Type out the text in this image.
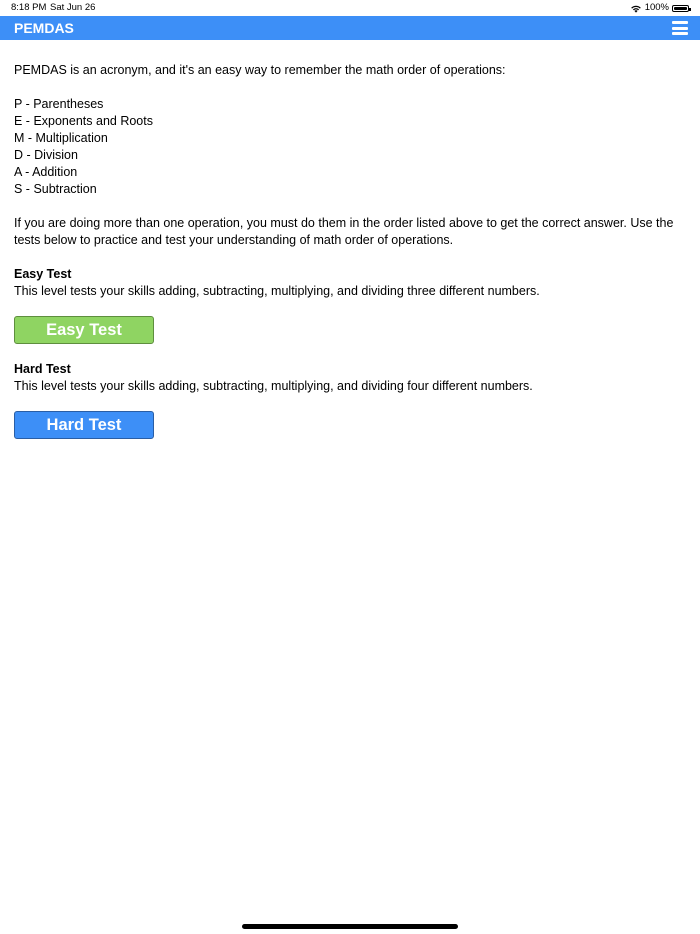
8:18 PM Sat Jun 26	100%
PEMDAS

PEMDAS is an acronym, and it's an easy way to remember the math order of operations:

P - Parentheses
E - Exponents and Roots
M - Multiplication
D - Division
A - Addition
S - Subtraction

If you are doing more than one operation, you must do them in the order listed above to get the correct answer. Use the tests below to practice and test your understanding of math order of operations.

Easy Test

This level tests your skills adding, subtracting, multiplying, and dividing three different numbers.

Easy Test

Hard Test

This level tests your skills adding, subtracting, multiplying, and dividing four different numbers.

Hard Test
